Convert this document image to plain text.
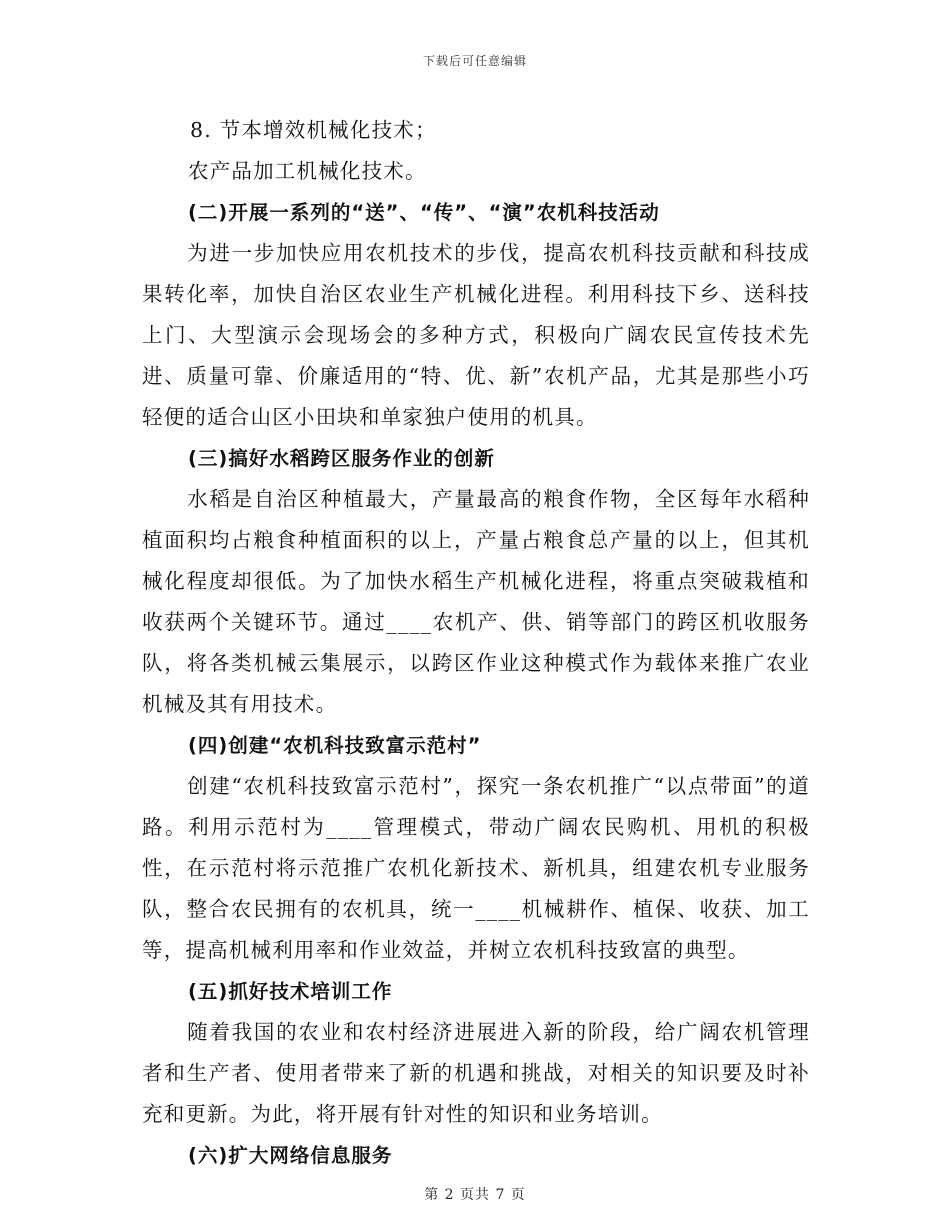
下载后可任意编辑

8. 节本增效机械化技术；

农产品加工机械化技术。

(二)开展一系列的“送”、“传”、“演”农机科技活动

为进一步加快应用农机技术的步伐，提高农机科技贡献和科技成果转化率，加快自治区农业生产机械化进程。利用科技下乡、送科技上门、大型演示会现场会的多种方式，积极向广阔农民宣传技术先进、质量可靠、价廉适用的“特、优、新”农机产品，尤其是那些小巧轻便的适合山区小田块和单家独户使用的机具。

(三)搞好水稻跨区服务作业的创新

水稻是自治区种植最大，产量最高的粮食作物，全区每年水稻种植面积均占粮食种植面积的以上，产量占粮食总产量的以上，但其机械化程度却很低。为了加快水稻生产机械化进程，将重点突破栽植和收获两个关键环节。通过____农机产、供、销等部门的跨区机收服务队，将各类机械云集展示，以跨区作业这种模式作为载体来推广农业机械及其有用技术。

(四)创建“农机科技致富示范村”

创建“农机科技致富示范村”，探究一条农机推广“以点带面”的道路。利用示范村为____管理模式，带动广阔农民购机、用机的积极性，在示范村将示范推广农机化新技术、新机具，组建农机专业服务队，整合农民拥有的农机具，统一____机械耕作、植保、收获、加工等，提高机械利用率和作业效益，并树立农机科技致富的典型。

(五)抓好技术培训工作

随着我国的农业和农村经济进展进入新的阶段，给广阔农机管理者和生产者、使用者带来了新的机遇和挑战，对相关的知识要及时补充和更新。为此，将开展有针对性的知识和业务培训。

(六)扩大网络信息服务

第 2 页共 7 页
